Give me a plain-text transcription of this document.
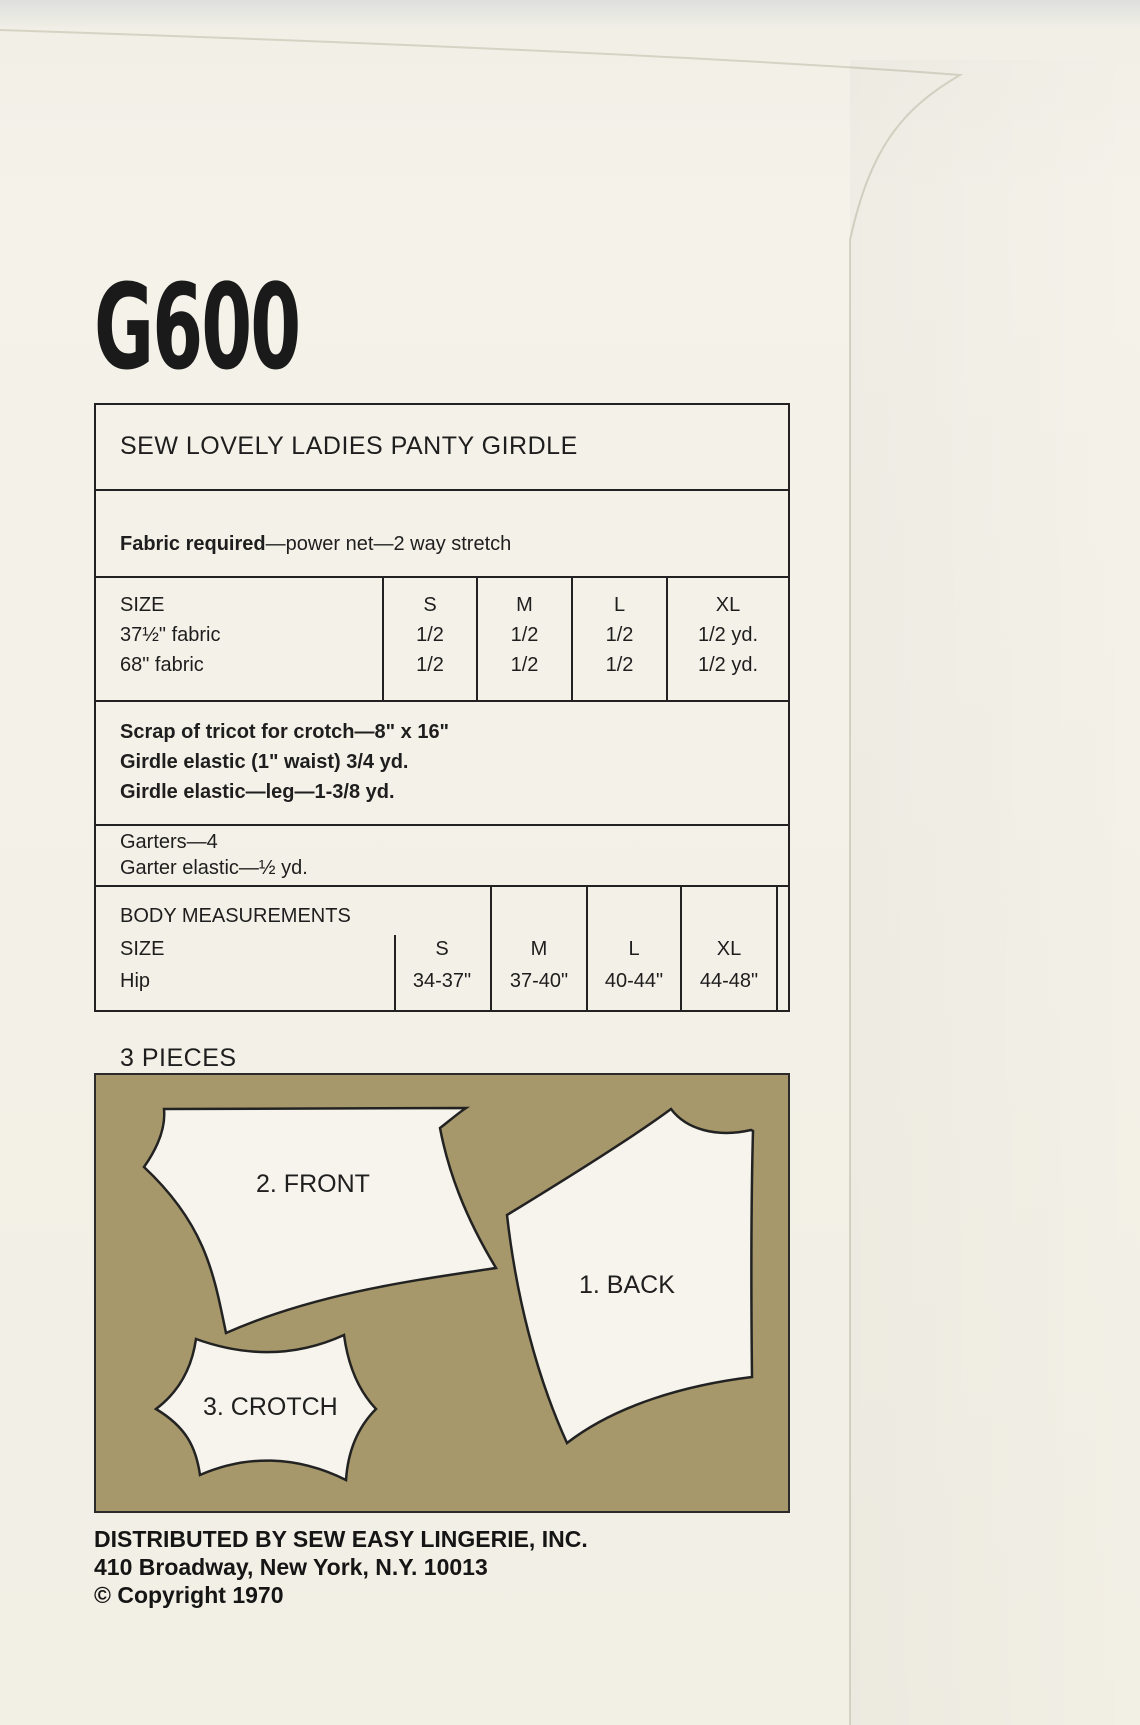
G600
SEW LOVELY LADIES PANTY GIRDLE
Fabric required—power net—2 way stretch
SIZE	S	M	L	XL
37½" fabric	1/2	1/2	1/2	1/2 yd.
68" fabric	1/2	1/2	1/2	1/2 yd.
Scrap of tricot for crotch—8" x 16"
Girdle elastic (1" waist) 3/4 yd.
Girdle elastic—leg—1-3/8 yd.
Garters—4
Garter elastic—½ yd.
BODY MEASUREMENTS
SIZE	S	M	L	XL
Hip	34-37"	37-40"	40-44"	44-48"
3 PIECES
2. FRONT
1. BACK
3. CROTCH
DISTRIBUTED BY SEW EASY LINGERIE, INC.
410 Broadway, New York, N.Y. 10013
© Copyright 1970
